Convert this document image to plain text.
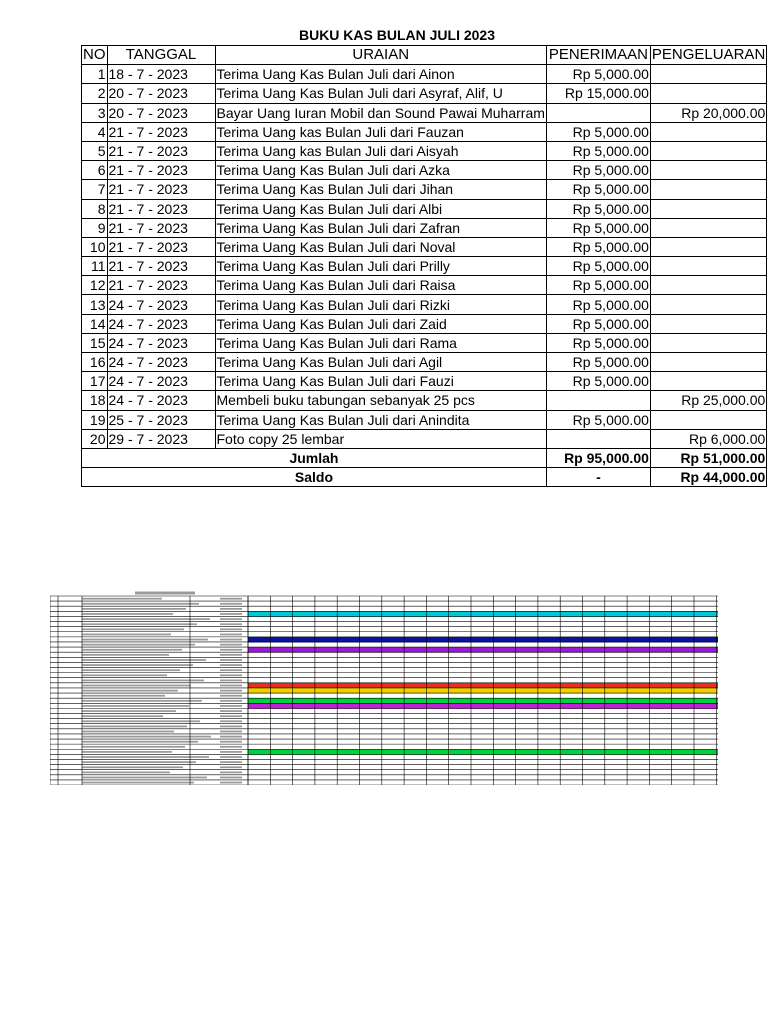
BUKU KAS BULAN JULI 2023
NO	TANGGAL	URAIAN	PENERIMAAN	PENGELUARAN
1	18 - 7 - 2023	Terima Uang Kas Bulan Juli dari Ainon	Rp 5,000.00	
2	20 - 7 - 2023	Terima Uang Kas Bulan Juli dari Asyraf, Alif, U	Rp 15,000.00	
3	20 - 7 - 2023	Bayar Uang Iuran Mobil dan Sound Pawai Muharram		Rp 20,000.00
4	21 - 7 - 2023	Terima Uang kas Bulan Juli dari Fauzan	Rp 5,000.00	
5	21 - 7 - 2023	Terima Uang kas Bulan Juli dari Aisyah	Rp 5,000.00	
6	21 - 7 - 2023	Terima Uang Kas Bulan Juli dari Azka	Rp 5,000.00	
7	21 - 7 - 2023	Terima Uang Kas Bulan Juli dari Jihan	Rp 5,000.00	
8	21 - 7 - 2023	Terima Uang Kas Bulan Juli dari Albi	Rp 5,000.00	
9	21 - 7 - 2023	Terima Uang Kas Bulan Juli dari Zafran	Rp 5,000.00	
10	21 - 7 - 2023	Terima Uang Kas Bulan Juli dari Noval	Rp 5,000.00	
11	21 - 7 - 2023	Terima Uang Kas Bulan Juli dari Prilly	Rp 5,000.00	
12	21 - 7 - 2023	Terima Uang Kas Bulan Juli dari Raisa	Rp 5,000.00	
13	24 - 7 - 2023	Terima Uang Kas Bulan Juli dari Rizki	Rp 5,000.00	
14	24 - 7 - 2023	Terima Uang Kas Bulan Juli dari Zaid	Rp 5,000.00	
15	24 - 7 - 2023	Terima Uang Kas Bulan Juli dari Rama	Rp 5,000.00	
16	24 - 7 - 2023	Terima Uang Kas Bulan Juli dari Agil	Rp 5,000.00	
17	24 - 7 - 2023	Terima Uang Kas Bulan Juli dari Fauzi	Rp 5,000.00	
18	24 - 7 - 2023	Membeli buku tabungan sebanyak 25 pcs		Rp 25,000.00
19	25 - 7 - 2023	Terima Uang Kas Bulan Juli dari Anindita	Rp 5,000.00	
20	29 - 7 - 2023	Foto copy 25 lembar		Rp 6,000.00
Jumlah			Rp 95,000.00	Rp 51,000.00
Saldo			-	Rp 44,000.00
